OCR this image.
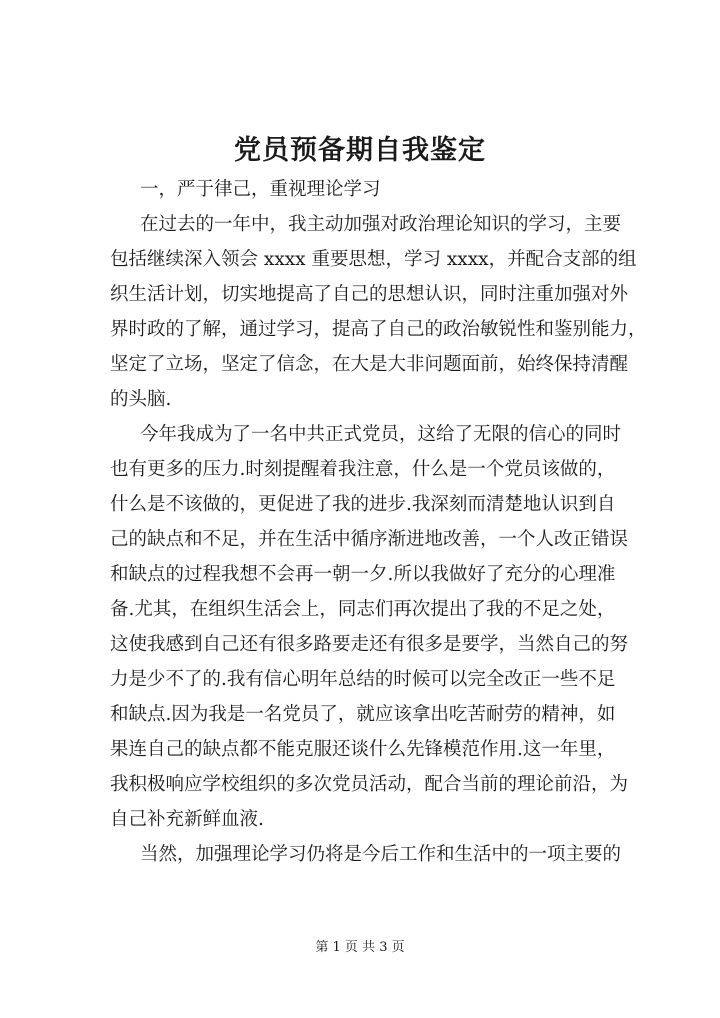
党员预备期自我鉴定
一，严于律己，重视理论学习
在过去的一年中，我主动加强对政治理论知识的学习，主要
包括继续深入领会 xxxx 重要思想，学习 xxxx，并配合支部的组
织生活计划，切实地提高了自己的思想认识，同时注重加强对外
界时政的了解，通过学习，提高了自己的政治敏锐性和鉴别能力，
坚定了立场，坚定了信念，在大是大非问题面前，始终保持清醒
的头脑.
今年我成为了一名中共正式党员，这给了无限的信心的同时
也有更多的压力.时刻提醒着我注意，什么是一个党员该做的，
什么是不该做的，更促进了我的进步.我深刻而清楚地认识到自
己的缺点和不足，并在生活中循序渐进地改善，一个人改正错误
和缺点的过程我想不会再一朝一夕.所以我做好了充分的心理准
备.尤其，在组织生活会上，同志们再次提出了我的不足之处，
这使我感到自己还有很多路要走还有很多是要学，当然自己的努
力是少不了的.我有信心明年总结的时候可以完全改正一些不足
和缺点.因为我是一名党员了，就应该拿出吃苦耐劳的精神，如
果连自己的缺点都不能克服还谈什么先锋模范作用.这一年里，
我积极响应学校组织的多次党员活动，配合当前的理论前沿，为
自己补充新鲜血液.
当然，加强理论学习仍将是今后工作和生活中的一项主要的
第 1 页 共 3 页
